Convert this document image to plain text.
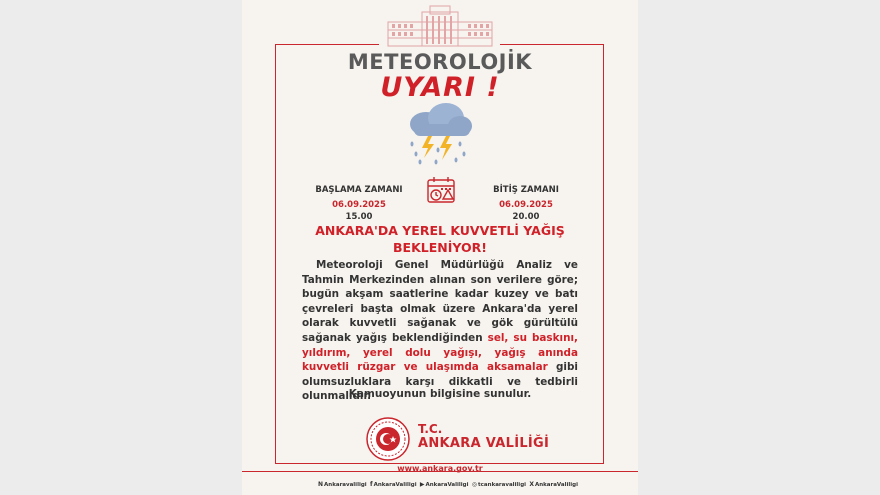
METEOROLOJİK
UYARI !
BAŞLAMA ZAMANI
06.09.2025
15.00
BİTİŞ ZAMANI
06.09.2025
20.00
ANKARA'DA YEREL KUVVETLİ YAĞIŞ
BEKLENİYOR!
Meteoroloji Genel Müdürlüğü Analiz ve Tahmin Merkezinden alınan son verilere göre; bugün akşam saatlerine kadar kuzey ve batı çevreleri başta olmak üzere Ankara'da yerel olarak kuvvetli sağanak ve gök gürültülü sağanak yağış beklendiğinden sel, su baskını, yıldırım, yerel dolu yağışı, yağış anında kuvvetli rüzgar ve ulaşımda aksamalar gibi olumsuzluklara karşı dikkatli ve tedbirli olunmalıdır.
Kamuoyunun bilgisine sunulur.
T.C.
ANKARA VALİLİĞİ
www.ankara.gov.tr
N Ankaravaliligi f AnkaraValiligi ▶ AnkaraValiligi ◎ tcankaravaliligi X AnkaraValiligi
